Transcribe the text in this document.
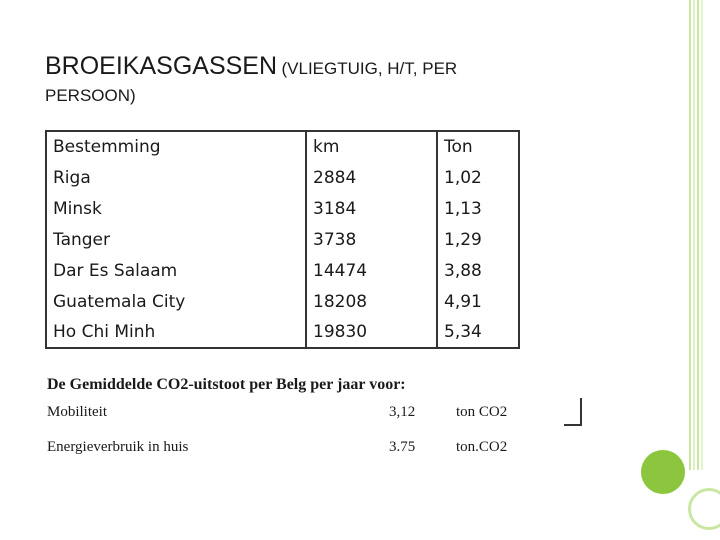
BROEIKASGASSEN (VLIEGTUIG, H/T, PER
PERSOON)
Bestemming	km	Ton
Riga	2884	1,02
Minsk	3184	1,13
Tanger	3738	1,29
Dar Es Salaam	14474	3,88
Guatemala City	18208	4,91
Ho Chi Minh	19830	5,34
De Gemiddelde CO2-uitstoot per Belg per jaar voor:
Mobiliteit	3,12	ton CO2
Energieverbruik in huis	3.75	ton.CO2
